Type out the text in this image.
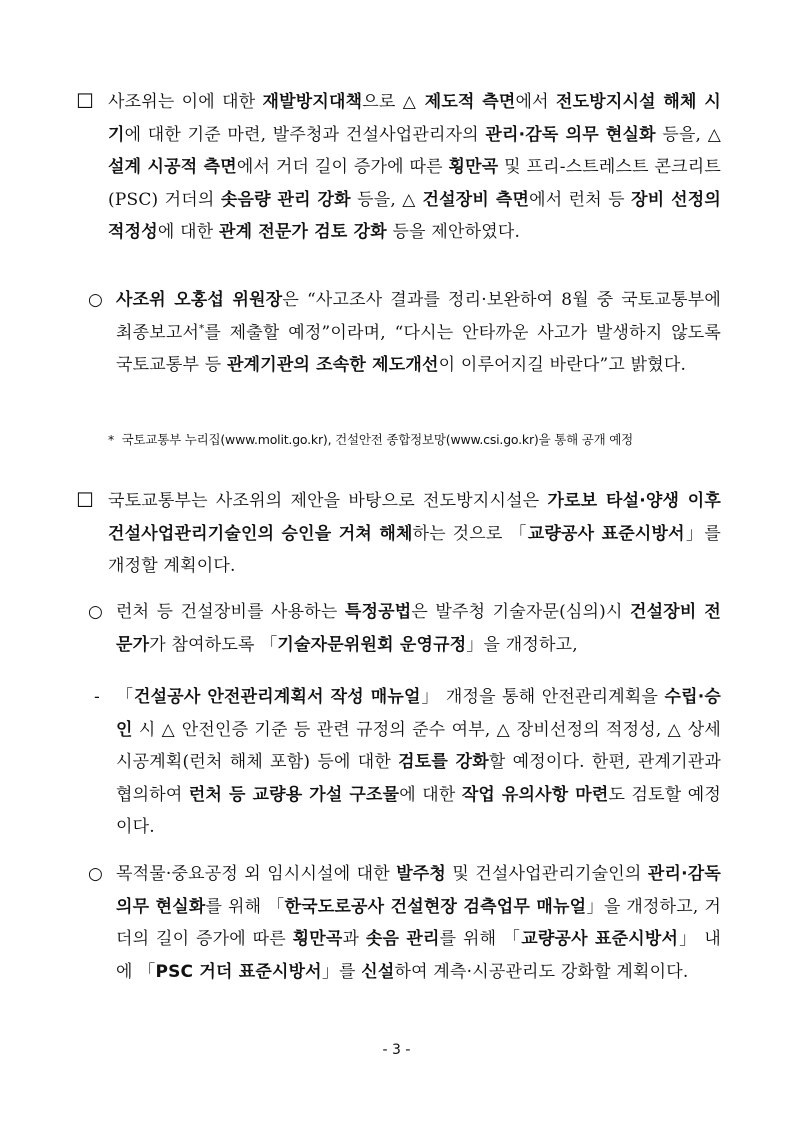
☐ 사조위는 이에 대한 재발방지대책으로 △ 제도적 측면에서 전도방지시설 해체 시기에 대한 기준 마련, 발주청과 건설사업관리자의 관리·감독 의무 현실화 등을, △ 설계 시공적 측면에서 거더 길이 증가에 따른 횡만곡 및 프리-스트레스트 콘크리트(PSC) 거더의 솟음량 관리 강화 등을, △ 건설장비 측면에서 런처 등 장비 선정의 적정성에 대한 관계 전문가 검토 강화 등을 제안하였다.
○ 사조위 오홍섭 위원장은 “사고조사 결과를 정리·보완하여 8월 중 국토교통부에 최종보고서*를 제출할 예정”이라며, “다시는 안타까운 사고가 발생하지 않도록 국토교통부 등 관계기관의 조속한 제도개선이 이루어지길 바란다”고 밝혔다.
* 국토교통부 누리집(www.molit.go.kr), 건설안전 종합정보망(www.csi.go.kr)을 통해 공개 예정
☐ 국토교통부는 사조위의 제안을 바탕으로 전도방지시설은 가로보 타설·양생 이후 건설사업관리기술인의 승인을 거쳐 해체하는 것으로 「교량공사 표준시방서」를 개정할 계획이다.
○ 런처 등 건설장비를 사용하는 특정공법은 발주청 기술자문(심의)시 건설장비 전문가가 참여하도록 「기술자문위원회 운영규정」을 개정하고,
- 「건설공사 안전관리계획서 작성 매뉴얼」 개정을 통해 안전관리계획을 수립·승인 시 △ 안전인증 기준 등 관련 규정의 준수 여부, △ 장비선정의 적정성, △ 상세 시공계획(런처 해체 포함) 등에 대한 검토를 강화할 예정이다. 한편, 관계기관과 협의하여 런처 등 교량용 가설 구조물에 대한 작업 유의사항 마련도 검토할 예정이다.
○ 목적물·중요공정 외 임시시설에 대한 발주청 및 건설사업관리기술인의 관리·감독의무 현실화를 위해 「한국도로공사 건설현장 검측업무 매뉴얼」을 개정하고, 거더의 길이 증가에 따른 횡만곡과 솟음 관리를 위해 「교량공사 표준시방서」 내에 「PSC 거더 표준시방서」를 신설하여 계측·시공관리도 강화할 계획이다.
- 3 -
